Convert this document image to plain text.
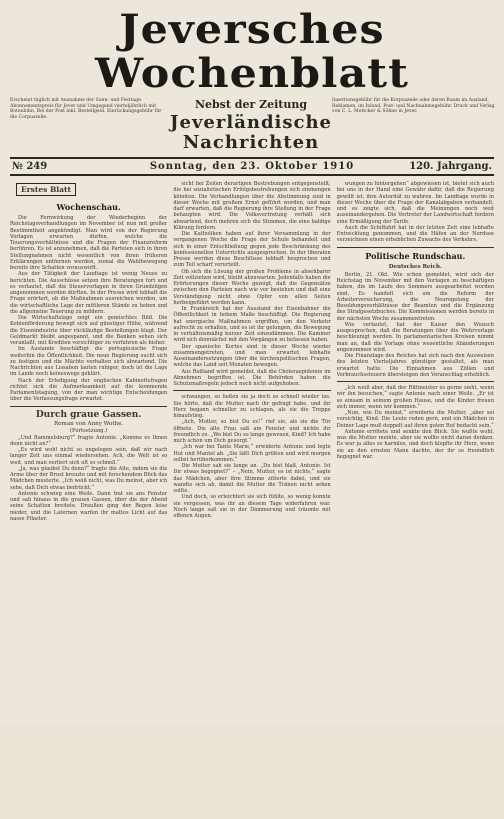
Jeversches Wochenblatt
Erscheint täglich mit Ausnahme der Sonn- und Festtage. Abonnementspreis für Jever und Umgegend vierteljährlich mit Botenlohn, Bei der Post inkl. Bestellgeld. Einrückungsgebühr für die Corpuszeile.
Nebst der Zeitung
Jeverländische Nachrichten
Insertionsgebühr für die Korpuszeile oder deren Raum im Ausland, Reklamen, im Inland, Post- und Nachnahmegebühr. Druck und Verlag von C. L. Mettcker & Söhne in Jever.
№ 249	Sonntag, den 23. Oktober 1910	120. Jahrgang.
Erstes Blatt
Wochenschau.

Die Fernwirkung der Wiederbeginn der Reichstagsverhandlungen im November ist nun mit großer Bestimmtheit angekündigt. Man wird von der Regierung Vorlagen erwarten dürfen, welche die Teuerungsverhältnisse und die Fragen der Finanzreform berühren. Es ist anzunehmen, daß die Parteien sich in ihren Stellungnahmen nicht wesentlich von ihren früheren Erklärungen entfernen werden, zumal die Wahlbewegung bereits ihre Schatten vorauswirft.

Aus der Tätigkeit der Landtage ist wenig Neues zu berichten. Die Ausschüsse setzen ihre Beratungen fort und es verlautet, daß die Steuervorlagen in ihren Grundzügen angenommen werden dürften. In der Presse wird lebhaft die Frage erörtert, ob die Maßnahmen ausreichen werden, um die wirtschaftliche Lage der mittleren Stände zu heben und die allgemeine Teuerung zu mildern.

Die Wirtschaftslage zeigt ein gemischtes Bild. Die Kohlenförderung bewegt sich auf günstiger Höhe, während die Eisenindustrie über rückläufige Bestellungen klagt. Der Geldmarkt bleibt angespannt, und die Banken sehen sich veranlaßt, mit Krediten vorsichtiger zu verfahren als bisher.

Im Auslande beschäftigt die portugiesische Frage weiterhin die Öffentlichkeit. Die neue Regierung sucht sich zu festigen und die Mächte verhalten sich abwartend. Die Nachrichten aus Lissabon lauten ruhiger, doch ist die Lage im Lande noch keineswegs geklärt.

Nach der Erledigung der englischen Kabinettsfragen richtet sich die Aufmerksamkeit auf die kommende Parlamentstagung, von der man wichtige Entscheidungen über die Verfassungsfrage erwartet.

Durch graue Gassen.
Roman von Anny Wothe.
(Fortsetzung.)

„Und Rammelsburg?“ fragte Antonie. „Komme es Ihnen denn nicht an?“

„Es wird wohl nicht so ungelegen sein, daß wir nach langer Zeit uns einmal wiedersehen. Ach, die Welt ist so weit, und man verliert sich oft so schnell.“

„Ja, was glaubst Du denn?“ fragte die Alte, indem sie die Arme über der Brust kreuzte und mit forschendem Blick das Mädchen musterte. „Ich weiß nicht, was Du meinst, aber ich sehe, daß Dich etwas bedrückt.“

Antonie schwieg eine Weile. Dann trat sie ans Fenster und sah hinaus in die grauen Gassen, über die der Abend seine Schatten breitete. Draußen ging der Regen leise nieder, und die Laternen warfen ihr mattes Licht auf das nasse Pflaster.

sicht bei Zeiten derartigen Bestrebungen entgegenstellt, die bei sozialistischen Erfolgsbestrebungen sich einmengen könnten. Die Verhandlungen über die Abstimmung sind in dieser Woche mit großem Ernst geführt worden, und man darf erwarten, daß die Regierung ihre Stellung in der Frage behaupten wird. Die Volksvertretung verhält sich abwartend, doch mehren sich die Stimmen, die eine baldige Klärung fordern.

Die Katholiken haben auf ihrer Versammlung in der vergangenen Woche die Frage der Schule behandelt und sich in einer Entschließung gegen jede Beschränkung des konfessionellen Unterrichts ausgesprochen. In der liberalen Presse werden diese Beschlüsse lebhaft besprochen und zum Teil scharf verurteilt.

Ob sich die Lösung der großen Probleme in absehbarer Zeit vollziehen wird, bleibt abzuwarten. Jedenfalls haben die Erörterungen dieser Woche gezeigt, daß die Gegensätze zwischen den Parteien nach wie vor bestehen und daß eine Verständigung nicht ohne Opfer von allen Seiten herbeigeführt werden kann.

In Frankreich hat der Ausstand der Eisenbahner die Öffentlichkeit in hohem Maße beschäftigt. Die Regierung hat energische Maßnahmen ergriffen, um den Verkehr aufrecht zu erhalten, und es ist ihr gelungen, die Bewegung in verhältnismäßig kurzer Zeit einzudämmen. Die Kammer wird sich demnächst mit den Vorgängen zu befassen haben.

Der spanische Kortes sind in dieser Woche wieder zusammengetreten, und man erwartet lebhafte Auseinandersetzungen über die kirchenpolitischen Fragen, welche das Land seit Monaten bewegen.

Aus Rußland wird gemeldet, daß die Choleraepidemie im Abnehmen begriffen ist. Die Behörden haben die Schutzmaßregeln jedoch noch nicht aufgehoben.

schwangen, so ließen sie ja doch so schnell wieder los. Sie hörte, daß die Mutter nach ihr gefragt habe, und ihr Herz begann schneller zu schlagen, als sie die Treppe hinaufstieg.

„Ach, Mutter, so bist Du es!“ rief sie, als sie die Tür öffnete. Die alte Frau saß am Fenster und nickte ihr freundlich zu. „Wo bist Du so lange gewesen, Kind? Ich habe mich schon um Dich gesorgt.“

„Ich war bei Tante Marie,“ erwiderte Antonie und legte Hut und Mantel ab. „Sie läßt Dich grüßen und wird morgen selbst herüberkommen.“

Die Mutter sah sie lange an. „Du bist blaß, Antonie. Ist Dir etwas begegnet?“ – „Nein, Mutter, es ist nichts,“ sagte das Mädchen, aber ihre Stimme zitterte dabei, und sie wandte sich ab, damit die Mutter die Tränen nicht sehen sollte.

Und doch, so erleichtert sie sich fühlte, so wenig konnte sie vergessen, was ihr an diesem Tage widerfahren war. Noch lange saß sie in der Dämmerung und träumte mit offenen Augen.

wungen zu hintergehen“ abgewiesen ist, bietet sich auch bei uns in der Hand eine Gewähr dafür, daß die Regierung gewillt ist, ihre Autorität zu wahren. Im Landtage wurde in dieser Woche über die Frage der Kanalabgaben verhandelt, und es zeigte sich, daß die Meinungen noch weit auseinandergehen. Die Vertreter der Landwirtschaft fordern eine Ermäßigung der Tarife.

Auch die Schiffahrt hat in der letzten Zeit eine lebhafte Entwicklung genommen, und die Häfen an der Nordsee verzeichnen einen erheblichen Zuwachs des Verkehrs.

Politische Rundschau.
Deutsches Reich.

Berlin, 21. Okt. Wie schon gemeldet, wird sich der Reichstag im November mit den Vorlagen zu beschäftigen haben, die im Laufe des Sommers ausgearbeitet worden sind. Es handelt sich um die Reform der Arbeiterversicherung, die Neuregelung der Besoldungsverhältnisse der Beamten und die Ergänzung des Strafgesetzbuches. Die Kommissionen werden bereits in der nächsten Woche zusammentreten.

Wie verlautet, hat der Kaiser den Wunsch ausgesprochen, daß die Beratungen über die Wehrvorlage beschleunigt werden. In parlamentarischen Kreisen nimmt man an, daß die Vorlage ohne wesentliche Abänderungen angenommen wird.

Die Finanzlage des Reiches hat sich nach den Ausweisen des letzten Vierteljahres günstiger gestaltet, als man erwartet hatte. Die Einnahmen aus Zöllen und Verbrauchssteuern übersteigen den Voranschlag erheblich.

„Ich weiß aber, daß der Rittmeister es gerne sieht, wenn wir ihn besuchen,“ sagte Antonie nach einer Weile. „Er ist so einsam in seinem großen Hause, und die Kinder freuen sich immer, wenn wir kommen.“

„Nun, wie Du meinst,“ erwiderte die Mutter, „aber sei vorsichtig, Kind. Die Leute reden gern, und ein Mädchen in Deiner Lage muß doppelt auf ihren guten Ruf bedacht sein.“

Antonie errötete und senkte den Blick. Sie wußte wohl, was die Mutter meinte, aber sie wollte nicht daran denken. Es war ja alles so harmlos, und doch klopfte ihr Herz, wenn sie an den ernsten Mann dachte, der ihr so freundlich begegnet war.
